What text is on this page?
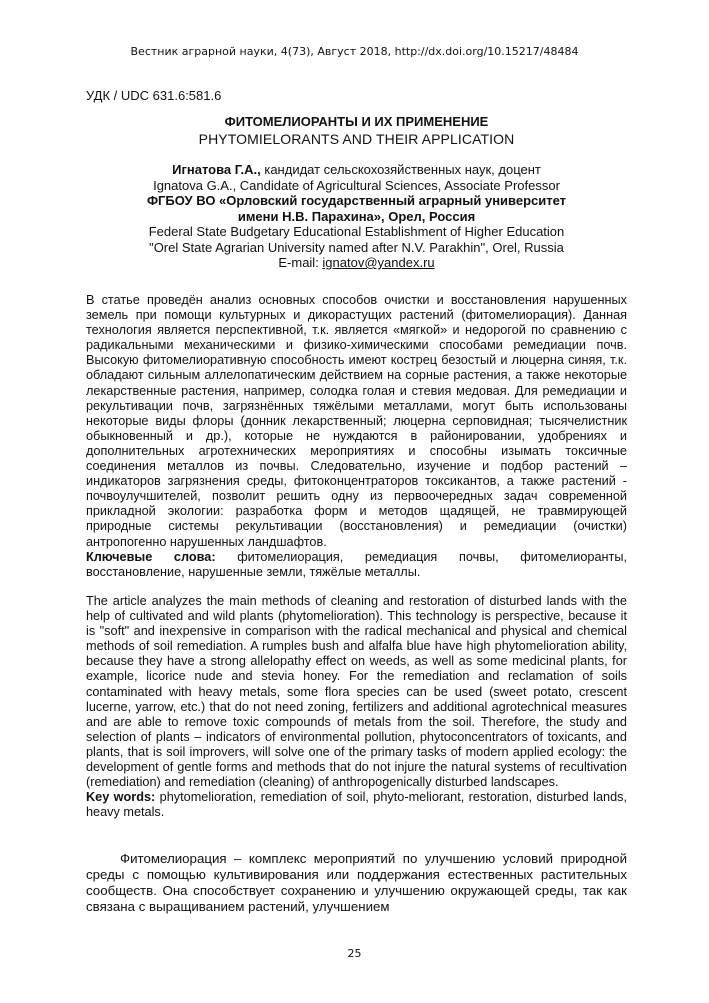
Вестник аграрной науки, 4(73), Август 2018, http://dx.doi.org/10.15217/48484
УДК / UDC 631.6:581.6
ФИТОМЕЛИОРАНТЫ И ИХ ПРИМЕНЕНИЕ
PHYTOMIELORANTS AND THEIR APPLICATION
Игнатова Г.А., кандидат сельскохозяйственных наук, доцент
Ignatova G.A., Candidate of Agricultural Sciences, Associate Professor
ФГБОУ ВО «Орловский государственный аграрный университет
имени Н.В. Парахина», Орел, Россия
Federal State Budgetary Educational Establishment of Higher Education
"Orel State Agrarian University named after N.V. Parakhin", Orel, Russia
E-mail: ignatov@yandex.ru

В статье проведён анализ основных способов очистки и восстановления нарушенных земель при помощи культурных и дикорастущих растений (фитомелиорация). Данная технология является перспективной, т.к. является «мягкой» и недорогой по сравнению с радикальными механическими и физико-химическими способами ремедиации почв. Высокую фитомелиоративную способность имеют кострец безостый и люцерна синяя, т.к. обладают сильным аллелопатическим действием на сорные растения, а также некоторые лекарственные растения, например, солодка голая и стевия медовая. Для ремедиации и рекультивации почв, загрязнённых тяжёлыми металлами, могут быть использованы некоторые виды флоры (донник лекарственный; люцерна серповидная; тысячелистник обыкновенный и др.), которые не нуждаются в районировании, удобрениях и дополнительных агротехнических мероприятиях и способны изымать токсичные соединения металлов из почвы. Следовательно, изучение и подбор растений – индикаторов загрязнения среды, фитоконцентраторов токсикантов, а также растений - почвоулучшителей, позволит решить одну из первоочередных задач современной прикладной экологии: разработка форм и методов щадящей, не травмирующей природные системы рекультивации (восстановления) и ремедиации (очистки) антропогенно нарушенных ландшафтов.

Ключевые слова: фитомелиорация, ремедиация почвы, фитомелиоранты, восстановление, нарушенные земли, тяжёлые металлы.

The article analyzes the main methods of cleaning and restoration of disturbed lands with the help of cultivated and wild plants (phytomelioration). This technology is perspective, because it is "soft" and inexpensive in comparison with the radical mechanical and physical and chemical methods of soil remediation. A rumples bush and alfalfa blue have high phytomelioration ability, because they have a strong allelopathy effect on weeds, as well as some medicinal plants, for example, licorice nude and stevia honey. For the remediation and reclamation of soils contaminated with heavy metals, some flora species can be used (sweet potato, crescent lucerne, yarrow, etc.) that do not need zoning, fertilizers and additional agrotechnical measures and are able to remove toxic compounds of metals from the soil. Therefore, the study and selection of plants – indicators of environmental pollution, phytoconcentrators of toxicants, and plants, that is soil improvers, will solve one of the primary tasks of modern applied ecology: the development of gentle forms and methods that do not injure the natural systems of recultivation (remediation) and remediation (cleaning) of anthropogenically disturbed landscapes.

Key words: phytomelioration, remediation of soil, phyto-meliorant, restoration, disturbed lands, heavy metals.

Фитомелиорация – комплекс мероприятий по улучшению условий природной среды с помощью культивирования или поддержания естественных растительных сообществ. Она способствует сохранению и улучшению окружающей среды, так как связана с выращиванием растений, улучшением

25
